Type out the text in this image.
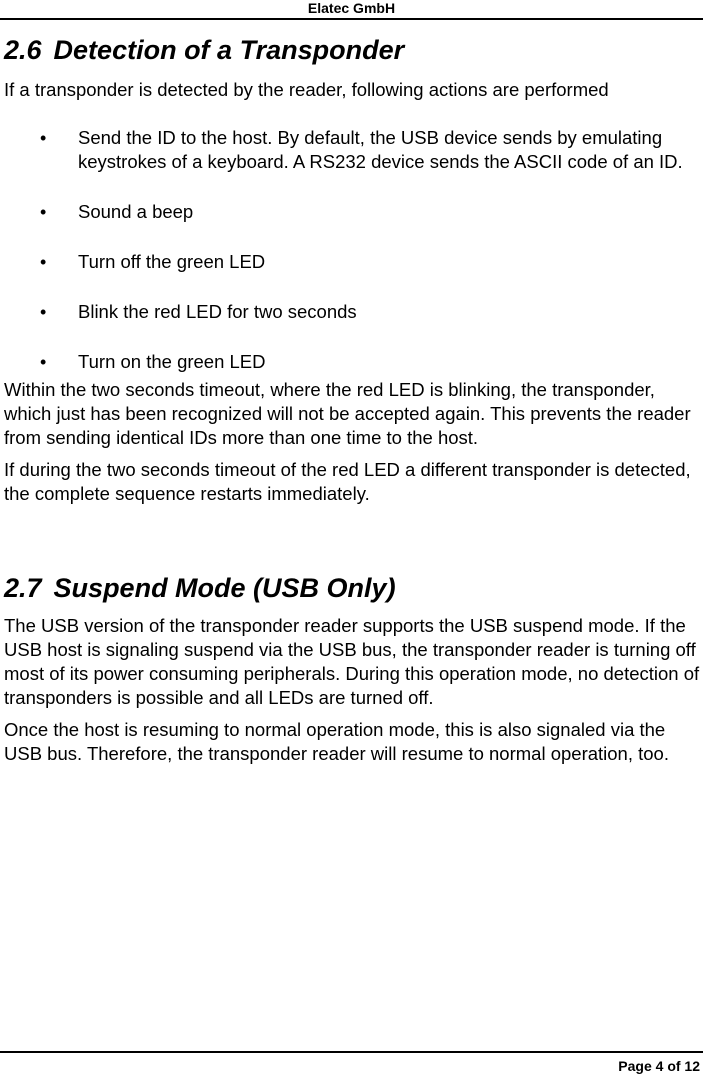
Elatec GmbH
2.6 Detection of a Transponder

If a transponder is detected by the reader, following actions are performed

• Send the ID to the host. By default, the USB device sends by emulating keystrokes of a keyboard. A RS232 device sends the ASCII code of an ID.
• Sound a beep
• Turn off the green LED
• Blink the red LED for two seconds
• Turn on the green LED

Within the two seconds timeout, where the red LED is blinking, the transponder, which just has been recognized will not be accepted again. This prevents the reader from sending identical IDs more than one time to the host.

If during the two seconds timeout of the red LED a different transponder is detected, the complete sequence restarts immediately.

2.7 Suspend Mode (USB Only)

The USB version of the transponder reader supports the USB suspend mode. If the USB host is signaling suspend via the USB bus, the transponder reader is turning off most of its power consuming peripherals. During this operation mode, no detection of transponders is possible and all LEDs are turned off.

Once the host is resuming to normal operation mode, this is also signaled via the USB bus. Therefore, the transponder reader will resume to normal operation, too.

Page 4 of 12
